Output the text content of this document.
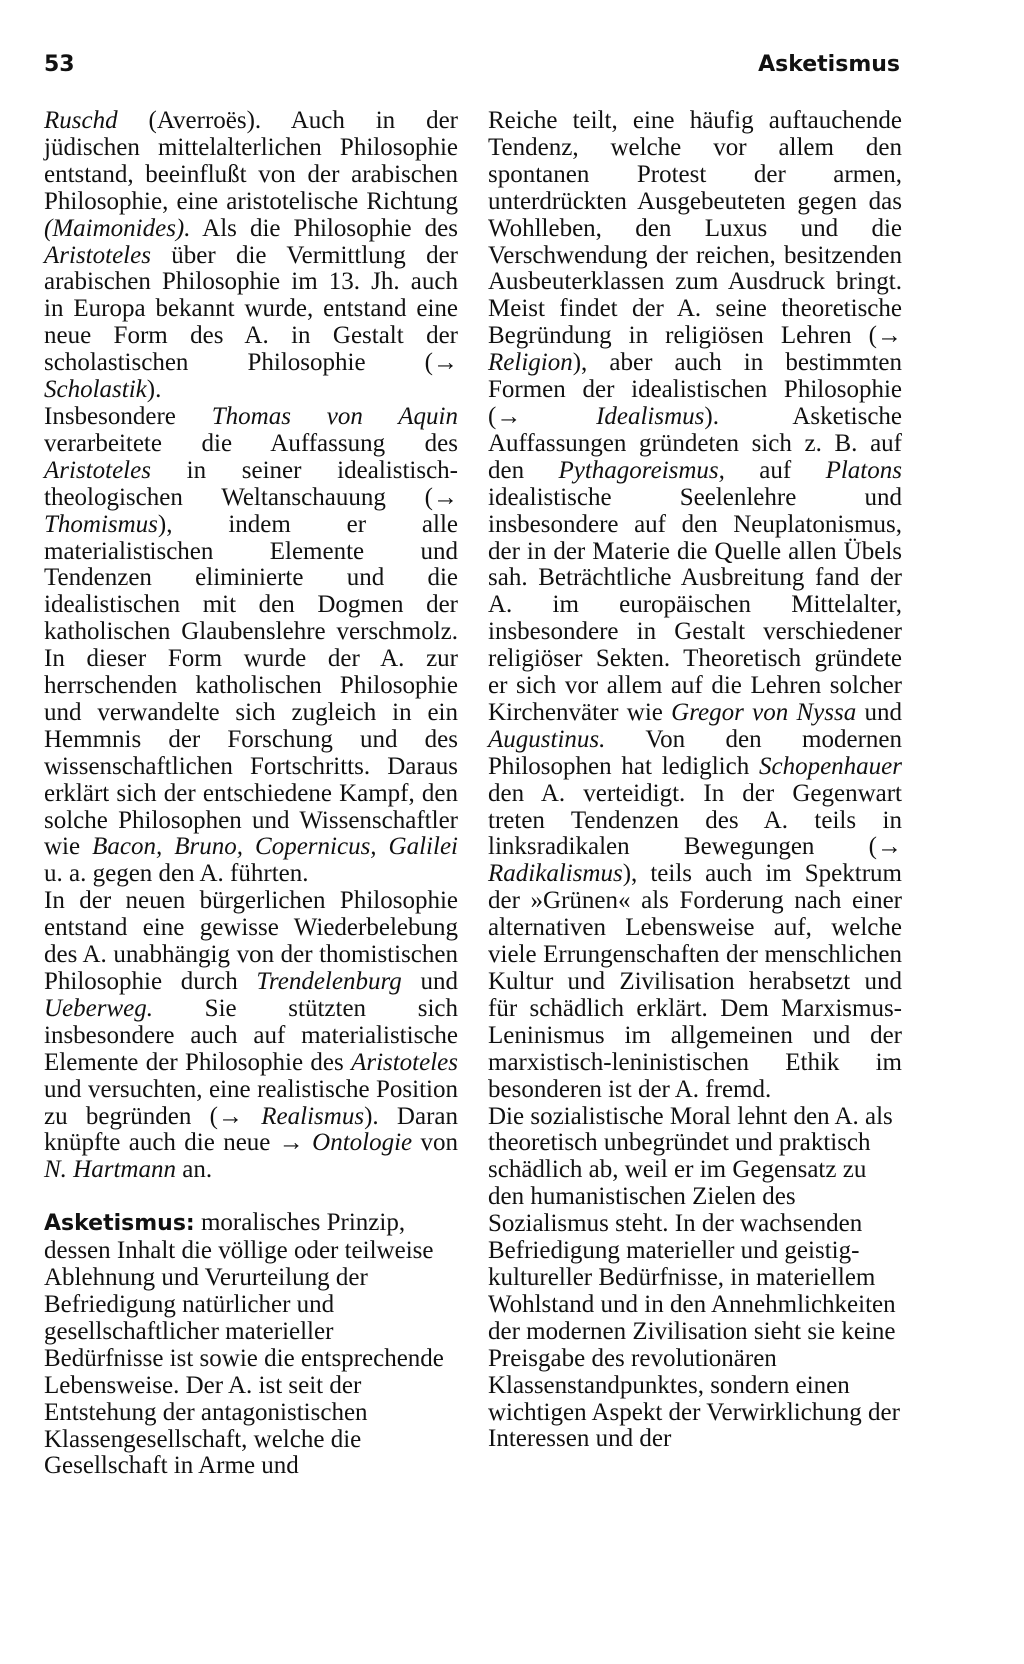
53	Asketismus

Ruschd (Averroës). Auch in der jüdischen mittelalterlichen Philosophie entstand, beeinflußt von der arabischen Philosophie, eine aristotelische Richtung (Maimonides). Als die Philosophie des Aristoteles über die Vermittlung der arabischen Philosophie im 13. Jh. auch in Europa bekannt wurde, entstand eine neue Form des A. in Gestalt der scholastischen Philosophie (→ Scholastik).

Insbesondere Thomas von Aquin verarbeitete die Auffassung des Aristoteles in seiner idealistisch-theologischen Weltanschauung (→ Thomismus), indem er alle materialistischen Elemente und Tendenzen eliminierte und die idealistischen mit den Dogmen der katholischen Glaubenslehre verschmolz. In dieser Form wurde der A. zur herrschenden katholischen Philosophie und verwandelte sich zugleich in ein Hemmnis der Forschung und des wissenschaftlichen Fortschritts. Daraus erklärt sich der entschiedene Kampf, den solche Philosophen und Wissenschaftler wie Bacon, Bruno, Copernicus, Galilei u. a. gegen den A. führten.

In der neuen bürgerlichen Philosophie entstand eine gewisse Wiederbelebung des A. unabhängig von der thomistischen Philosophie durch Trendelenburg und Ueberweg. Sie stützten sich insbesondere auch auf materialistische Elemente der Philosophie des Aristoteles und versuchten, eine realistische Position zu begründen (→ Realismus). Daran knüpfte auch die neue → Ontologie von N. Hartmann an.

Asketismus: moralisches Prinzip, dessen Inhalt die völlige oder teilweise Ablehnung und Verurteilung der Befriedigung natürlicher und gesellschaftlicher materieller Bedürfnisse ist sowie die entsprechende Lebensweise. Der A. ist seit der Entstehung der antagonistischen Klassengesellschaft, welche die Gesellschaft in Arme und

Reiche teilt, eine häufig auftauchende Tendenz, welche vor allem den spontanen Protest der armen, unterdrückten Ausgebeuteten gegen das Wohlleben, den Luxus und die Verschwendung der reichen, besitzenden Ausbeuterklassen zum Ausdruck bringt. Meist findet der A. seine theoretische Begründung in religiösen Lehren (→ Religion), aber auch in bestimmten Formen der idealistischen Philosophie (→ Idealismus). Asketische Auffassungen gründeten sich z. B. auf den Pythagoreismus, auf Platons idealistische Seelenlehre und insbesondere auf den Neuplatonismus, der in der Materie die Quelle allen Übels sah. Beträchtliche Ausbreitung fand der A. im europäischen Mittelalter, insbesondere in Gestalt verschiedener religiöser Sekten. Theoretisch gründete er sich vor allem auf die Lehren solcher Kirchenväter wie Gregor von Nyssa und Augustinus. Von den modernen Philosophen hat lediglich Schopenhauer den A. verteidigt. In der Gegenwart treten Tendenzen des A. teils in linksradikalen Bewegungen (→ Radikalismus), teils auch im Spektrum der »Grünen« als Forderung nach einer alternativen Lebensweise auf, welche viele Errungenschaften der menschlichen Kultur und Zivilisation herabsetzt und für schädlich erklärt. Dem Marxismus-Leninismus im allgemeinen und der marxistisch-leninistischen Ethik im besonderen ist der A. fremd.

Die sozialistische Moral lehnt den A. als theoretisch unbegründet und praktisch schädlich ab, weil er im Gegensatz zu den humanistischen Zielen des Sozialismus steht. In der wachsenden Befriedigung materieller und geistig-kultureller Bedürfnisse, in materiellem Wohlstand und in den Annehmlichkeiten der modernen Zivilisation sieht sie keine Preisgabe des revolutionären Klassenstandpunktes, sondern einen wichtigen Aspekt der Verwirklichung der Interessen und der
